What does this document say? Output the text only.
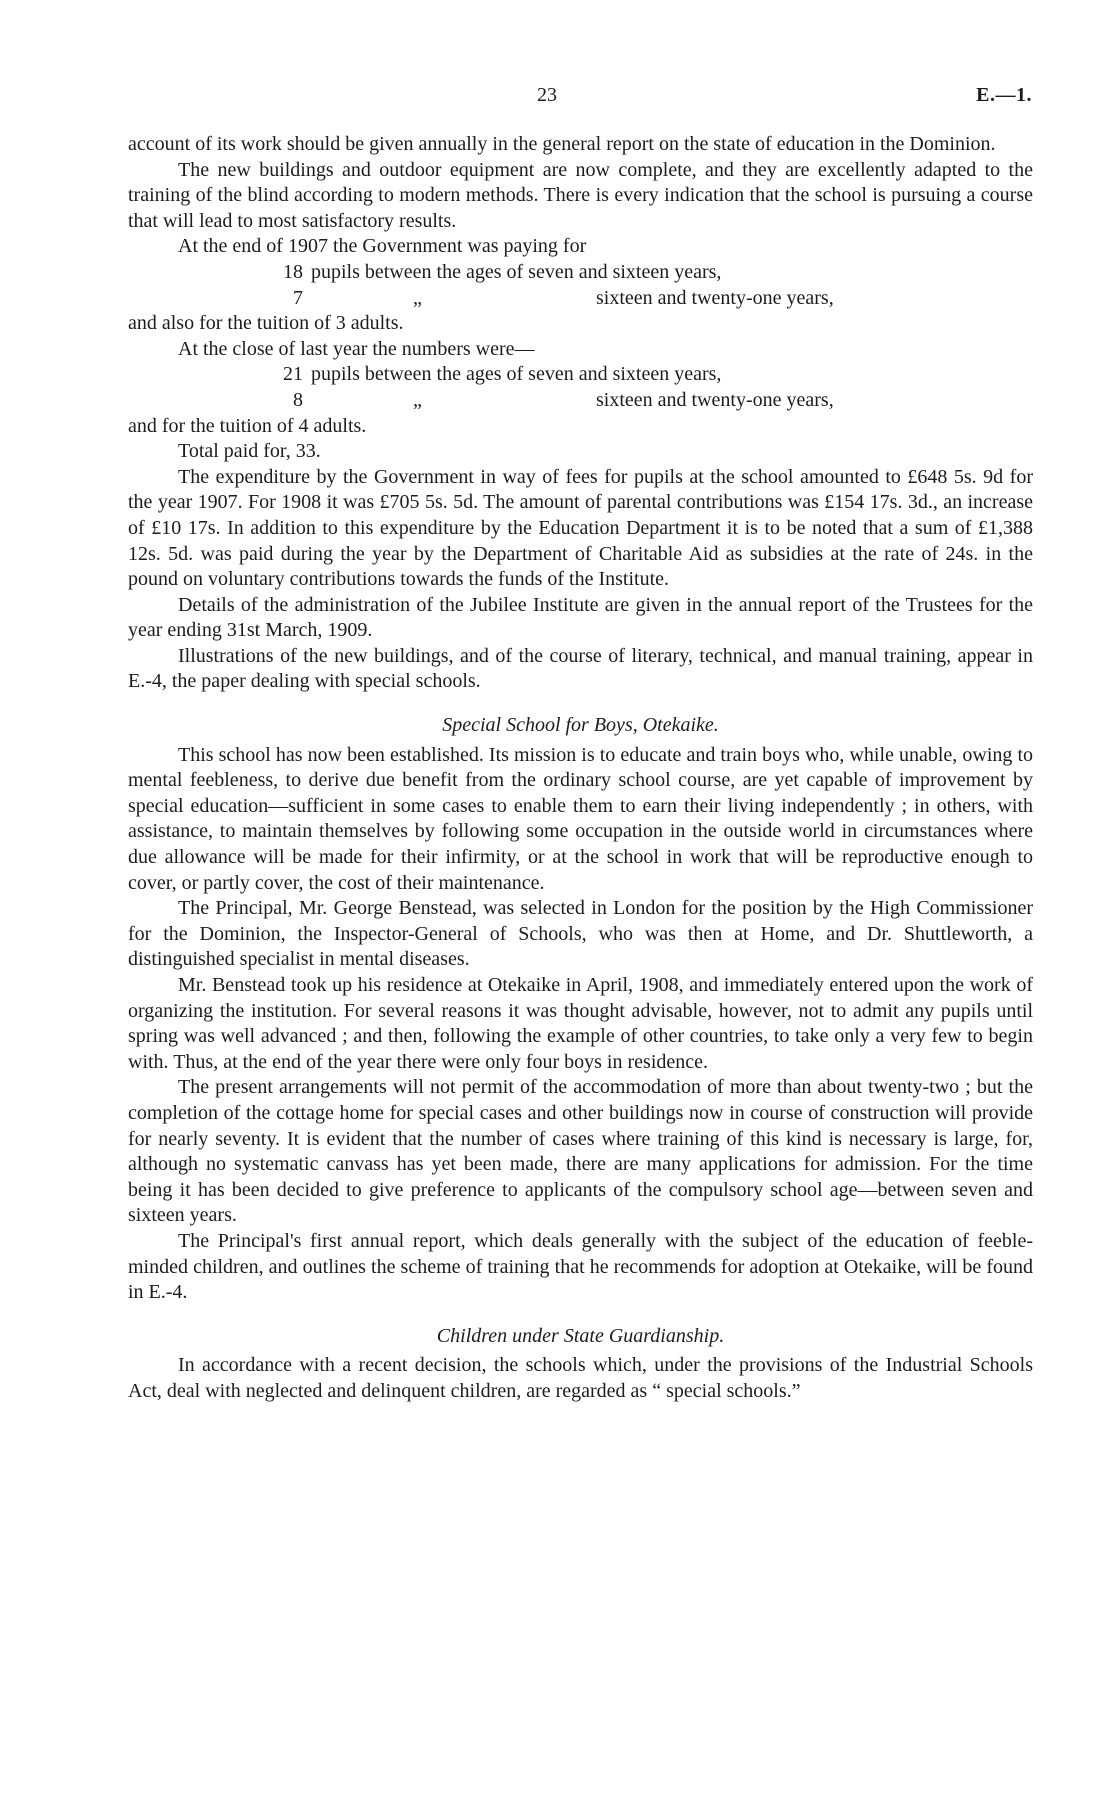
23	E.—1.

account of its work should be given annually in the general report on the state of education in the Dominion.

The new buildings and outdoor equipment are now complete, and they are excellently adapted to the training of the blind according to modern methods. There is every indication that the school is pursuing a course that will lead to most satisfactory results.

At the end of 1907 the Government was paying for

18 pupils between the ages of seven and sixteen years,
7	„	sixteen and twenty-one years,

and also for the tuition of 3 adults.

At the close of last year the numbers were—

21 pupils between the ages of seven and sixteen years,
8	„	sixteen and twenty-one years,

and for the tuition of 4 adults.

Total paid for, 33.

The expenditure by the Government in way of fees for pupils at the school amounted to £648 5s. 9d for the year 1907. For 1908 it was £705 5s. 5d. The amount of parental contributions was £154 17s. 3d., an increase of £10 17s. In addition to this expenditure by the Education Department it is to be noted that a sum of £1,388 12s. 5d. was paid during the year by the Department of Charitable Aid as subsidies at the rate of 24s. in the pound on voluntary contributions towards the funds of the Institute.

Details of the administration of the Jubilee Institute are given in the annual report of the Trustees for the year ending 31st March, 1909.

Illustrations of the new buildings, and of the course of literary, technical, and manual training, appear in E.-4, the paper dealing with special schools.

Special School for Boys, Otekaike.

This school has now been established. Its mission is to educate and train boys who, while unable, owing to mental feebleness, to derive due benefit from the ordinary school course, are yet capable of improvement by special education—sufficient in some cases to enable them to earn their living independently ; in others, with assistance, to maintain themselves by following some occupation in the outside world in circumstances where due allowance will be made for their infirmity, or at the school in work that will be reproductive enough to cover, or partly cover, the cost of their maintenance.

The Principal, Mr. George Benstead, was selected in London for the position by the High Commissioner for the Dominion, the Inspector-General of Schools, who was then at Home, and Dr. Shuttleworth, a distinguished specialist in mental diseases.

Mr. Benstead took up his residence at Otekaike in April, 1908, and immediately entered upon the work of organizing the institution. For several reasons it was thought advisable, however, not to admit any pupils until spring was well advanced ; and then, following the example of other countries, to take only a very few to begin with. Thus, at the end of the year there were only four boys in residence.

The present arrangements will not permit of the accommodation of more than about twenty-two ; but the completion of the cottage home for special cases and other buildings now in course of construction will provide for nearly seventy. It is evident that the number of cases where training of this kind is necessary is large, for, although no systematic canvass has yet been made, there are many applications for admission. For the time being it has been decided to give preference to applicants of the compulsory school age—between seven and sixteen years.

The Principal's first annual report, which deals generally with the subject of the education of feeble-minded children, and outlines the scheme of training that he recommends for adoption at Otekaike, will be found in E.-4.

Children under State Guardianship.

In accordance with a recent decision, the schools which, under the provisions of the Industrial Schools Act, deal with neglected and delinquent children, are regarded as “ special schools.”
